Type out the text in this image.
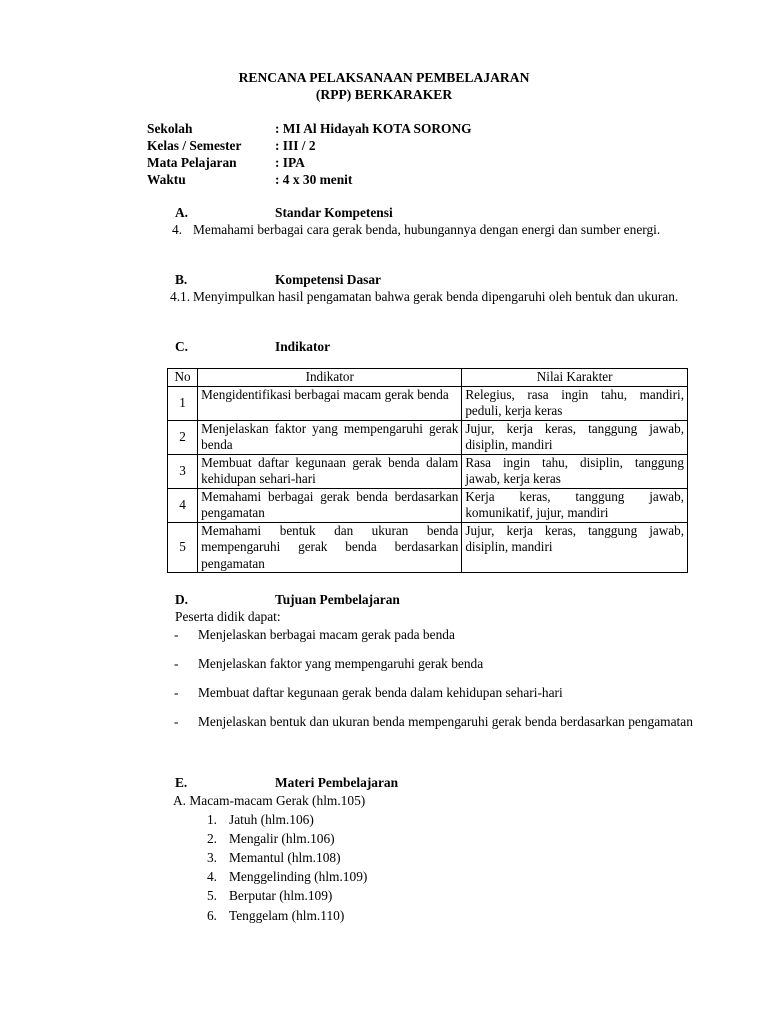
RENCANA PELAKSANAAN PEMBELAJARAN
(RPP) BERKARAKER
Sekolah	: MI Al Hidayah KOTA SORONG
Kelas / Semester	: III / 2
Mata Pelajaran	: IPA
Waktu	: 4 x 30 menit
A.	Standar Kompetensi
4. Memahami berbagai cara gerak benda, hubungannya dengan energi dan sumber energi.
B.	Kompetensi Dasar
4.1. Menyimpulkan hasil pengamatan bahwa gerak benda dipengaruhi oleh bentuk dan ukuran.
C.	Indikator
No	Indikator	Nilai Karakter
1	Mengidentifikasi berbagai macam gerak benda	Relegius, rasa ingin tahu, mandiri, peduli, kerja keras
2	Menjelaskan faktor yang mempengaruhi gerak benda	Jujur, kerja keras, tanggung jawab, disiplin, mandiri
3	Membuat daftar kegunaan gerak benda dalam kehidupan sehari-hari	Rasa ingin tahu, disiplin, tanggung jawab, kerja keras
4	Memahami berbagai gerak benda berdasarkan pengamatan	Kerja keras, tanggung jawab, komunikatif, jujur, mandiri
5	Memahami bentuk dan ukuran benda mempengaruhi gerak benda berdasarkan pengamatan	Jujur, kerja keras, tanggung jawab, disiplin, mandiri
D.	Tujuan Pembelajaran
Peserta didik dapat:
- Menjelaskan berbagai macam gerak pada benda
- Menjelaskan faktor yang mempengaruhi gerak benda
- Membuat daftar kegunaan gerak benda dalam kehidupan sehari-hari
- Menjelaskan bentuk dan ukuran benda mempengaruhi gerak benda berdasarkan pengamatan
E.	Materi Pembelajaran
A. Macam-macam Gerak (hlm.105)
1. Jatuh (hlm.106)
2. Mengalir (hlm.106)
3. Memantul (hlm.108)
4. Menggelinding (hlm.109)
5. Berputar (hlm.109)
6. Tenggelam (hlm.110)
